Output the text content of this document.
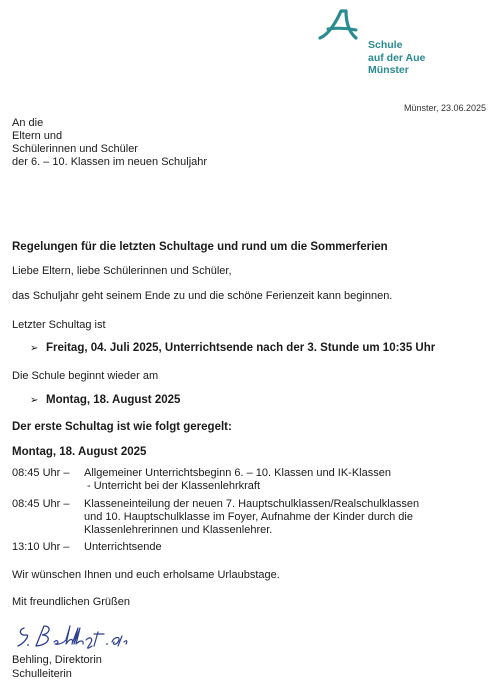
Schule
auf der Aue
Münster
Münster, 23.06.2025
An die
Eltern und
Schülerinnen und Schüler
der 6. – 10. Klassen im neuen Schuljahr
Regelungen für die letzten Schultage und rund um die Sommerferien
Liebe Eltern, liebe Schülerinnen und Schüler,
das Schuljahr geht seinem Ende zu und die schöne Ferienzeit kann beginnen.
Letzter Schultag ist
➢ Freitag, 04. Juli 2025, Unterrichtsende nach der 3. Stunde um 10:35 Uhr
Die Schule beginnt wieder am
➢ Montag, 18. August 2025
Der erste Schultag ist wie folgt geregelt:
Montag, 18. August 2025
08:45 Uhr – Allgemeiner Unterrichtsbeginn 6. – 10. Klassen und IK-Klassen
- Unterricht bei der Klassenlehrkraft
08:45 Uhr – Klasseneinteilung der neuen 7. Hauptschulklassen/Realschulklassen
und 10. Hauptschulklasse im Foyer, Aufnahme der Kinder durch die
Klassenlehrerinnen und Klassenlehrer.
13:10 Uhr – Unterrichtsende
Wir wünschen Ihnen und euch erholsame Urlaubstage.
Mit freundlichen Grüßen
Behling, Direktorin
Schulleiterin
